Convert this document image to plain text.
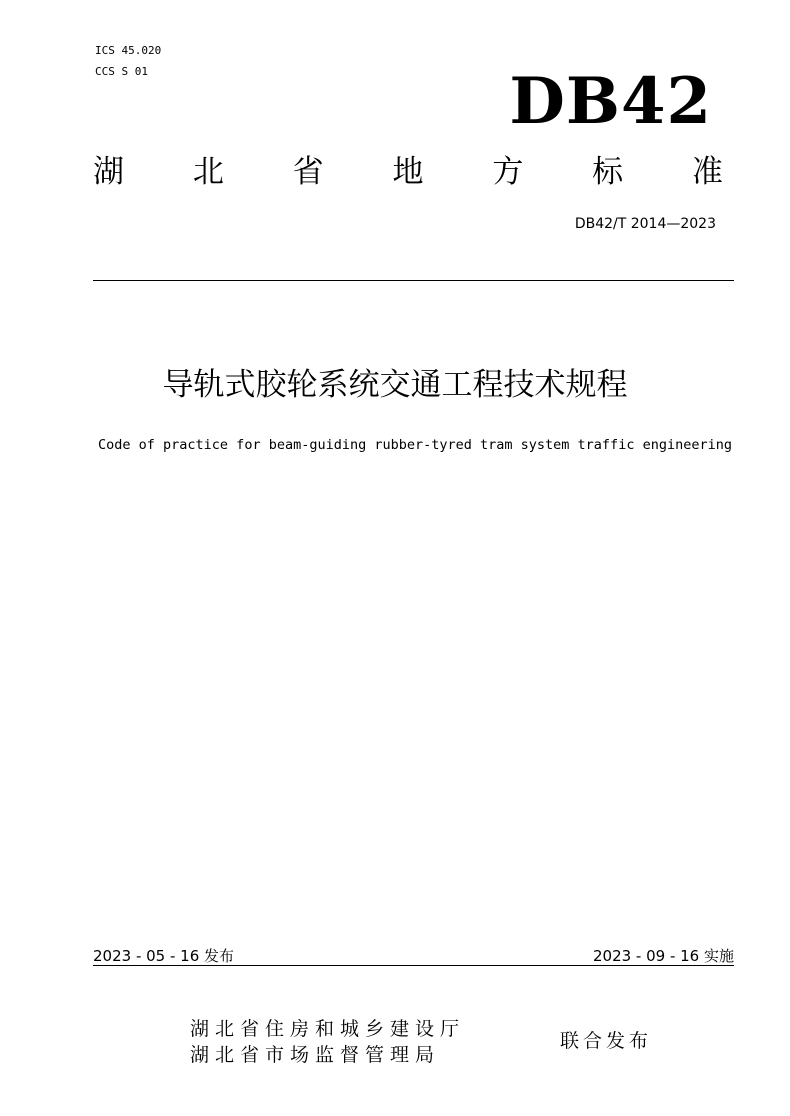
ICS 45.020
CCS S 01	DB42
湖 北 省 地 方 标 准
DB42/T 2014—2023
导轨式胶轮系统交通工程技术规程
Code of practice for beam-guiding rubber-tyred tram system traffic engineering
2023 - 05 - 16 发布	2023 - 09 - 16 实施
湖北省住房和城乡建设厅
湖北省市场监督管理局
联合发布
